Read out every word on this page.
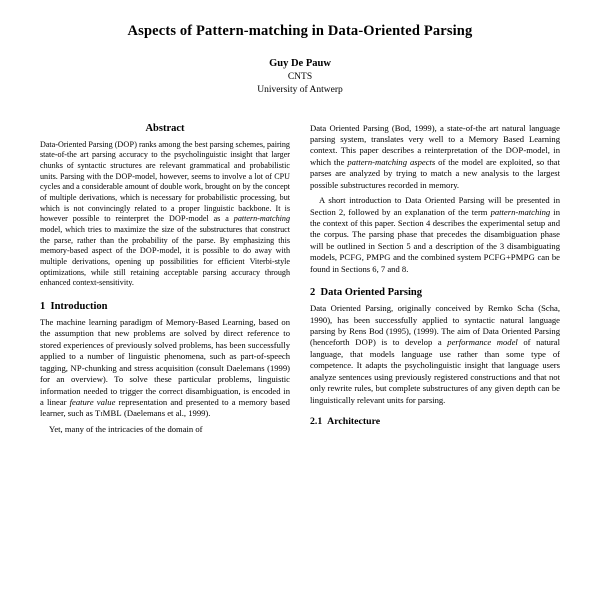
Aspects of Pattern-matching in Data-Oriented Parsing
Guy De Pauw
CNTS
University of Antwerp
Abstract

Data-Oriented Parsing (DOP) ranks among the best parsing schemes, pairing state-of-the art parsing accuracy to the psycholinguistic insight that larger chunks of syntactic structures are relevant grammatical and probabilistic units. Parsing with the DOP-model, however, seems to involve a lot of CPU cycles and a considerable amount of double work, brought on by the concept of multiple derivations, which is necessary for probabilistic processing, but which is not convincingly related to a proper linguistic backbone. It is however possible to reinterpret the DOP-model as a pattern-matching model, which tries to maximize the size of the substructures that construct the parse, rather than the probability of the parse. By emphasizing this memory-based aspect of the DOP-model, it is possible to do away with multiple derivations, opening up possibilities for efficient Viterbi-style optimizations, while still retaining acceptable parsing accuracy through enhanced context-sensitivity.

1 Introduction

The machine learning paradigm of Memory-Based Learning, based on the assumption that new problems are solved by direct reference to stored experiences of previously solved problems, has been successfully applied to a number of linguistic phenomena, such as part-of-speech tagging, NP-chunking and stress acquisition (consult Daelemans (1999) for an overview). To solve these particular problems, linguistic information needed to trigger the correct disambiguation, is encoded in a linear feature value representation and presented to a memory based learner, such as TiMBL (Daelemans et al., 1999).

Yet, many of the intricacies of the domain of

Data Oriented Parsing (Bod, 1999), a state-of-the art natural language parsing system, translates very well to a Memory Based Learning context. This paper describes a reinterpretation of the DOP-model, in which the pattern-matching aspects of the model are exploited, so that parses are analyzed by trying to match a new analysis to the largest possible substructures recorded in memory.

A short introduction to Data Oriented Parsing will be presented in Section 2, followed by an explanation of the term pattern-matching in the context of this paper. Section 4 describes the experimental setup and the corpus. The parsing phase that precedes the disambiguation phase will be outlined in Section 5 and a description of the 3 disambiguating models, PCFG, PMPG and the combined system PCFG+PMPG can be found in Sections 6, 7 and 8.

2 Data Oriented Parsing

Data Oriented Parsing, originally conceived by Remko Scha (Scha, 1990), has been successfully applied to syntactic natural language parsing by Rens Bod (1995), (1999). The aim of Data Oriented Parsing (henceforth DOP) is to develop a performance model of natural language, that models language use rather than some type of competence. It adapts the psycholinguistic insight that language users analyze sentences using previously registered constructions and that not only rewrite rules, but complete substructures of any given depth can be linguistically relevant units for parsing.

2.1 Architecture
